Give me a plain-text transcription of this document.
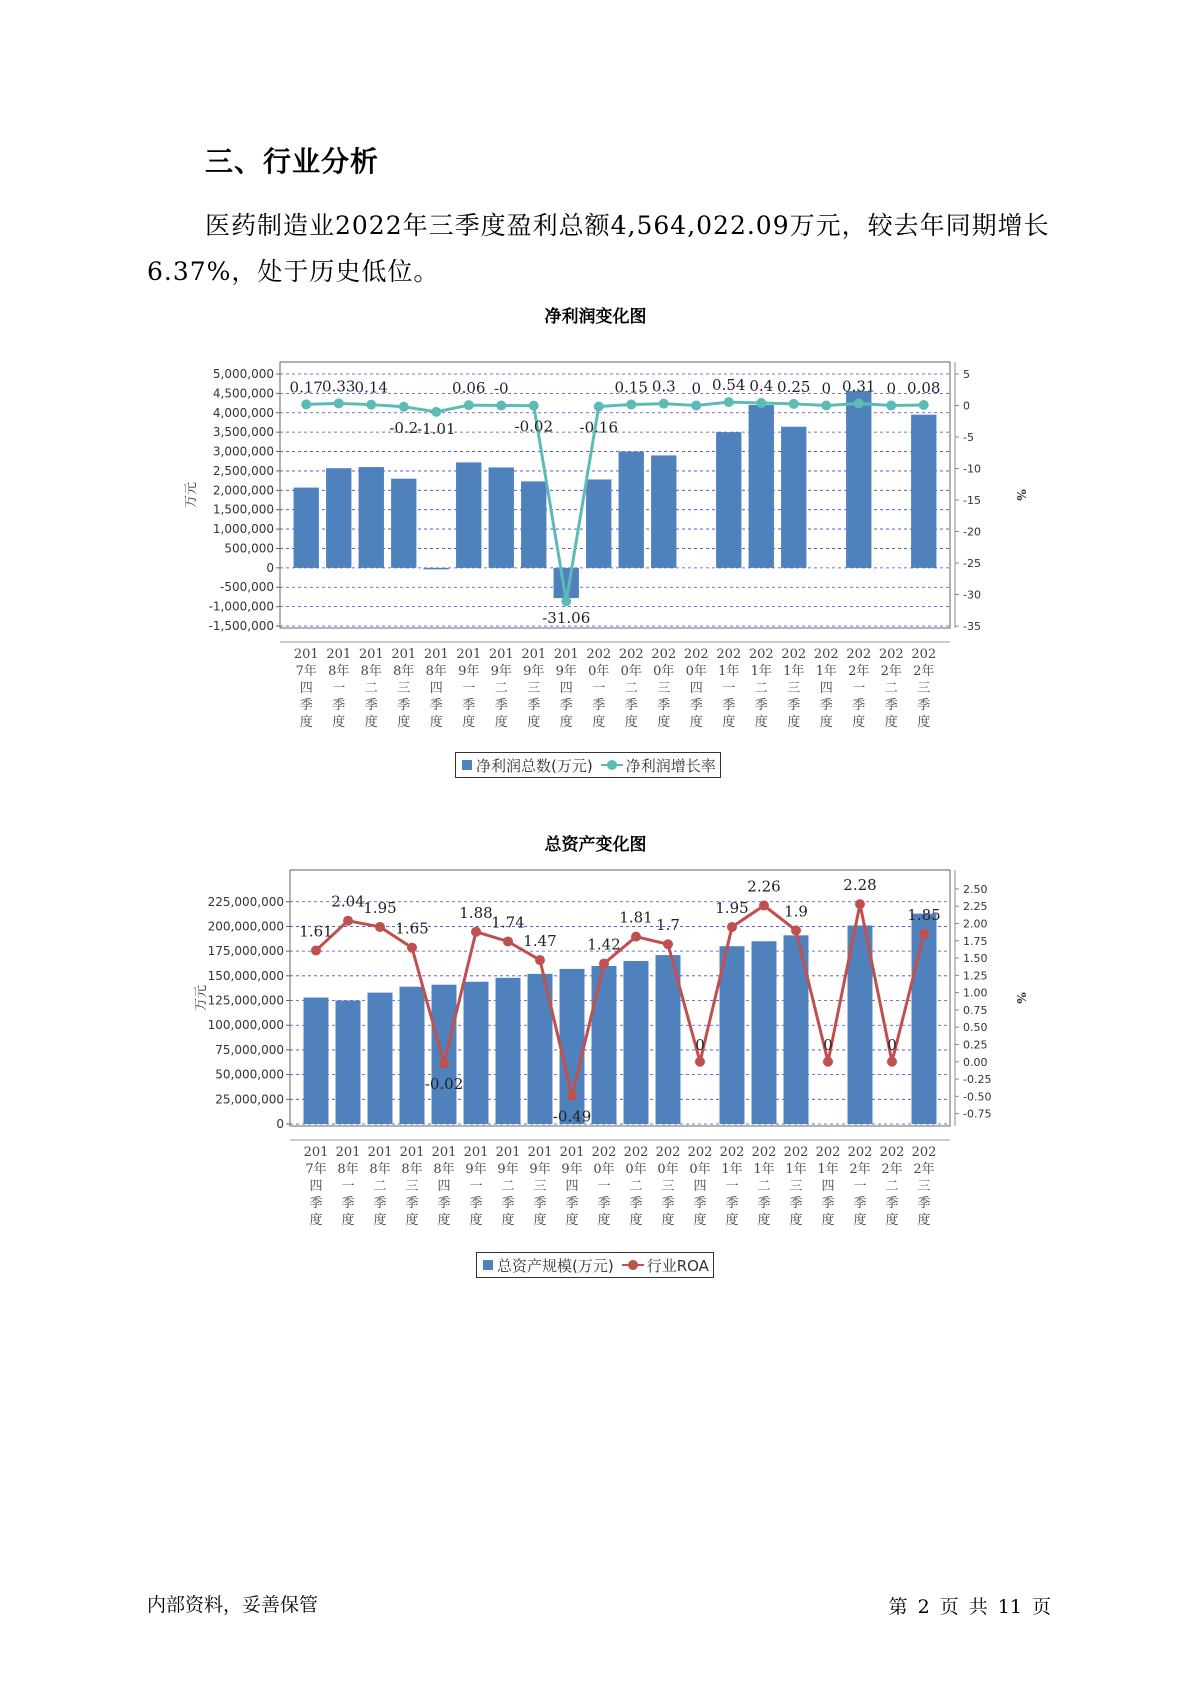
三、行业分析
医药制造业2022年三季度盈利总额4,564,022.09万元，较去年同期增长6.37%，处于历史低位。
净利润变化图
5,000,000
4,500,000
4,000,000
3,500,000
3,000,000
2,500,000
2,000,000
1,500,000
1,000,000
500,000
0
-500,000
-1,000,000
-1,500,000
5
0
-5
-10
-15
-20
-25
-30
-35
万元	%
201 7年四季度
201 8年一季度
201 8年二季度
201 8年三季度
201 8年四季度
201 9年一季度
201 9年二季度
201 9年三季度
201 9年四季度
202 0年一季度
202 0年二季度
202 0年三季度
202 0年四季度
202 1年一季度
202 1年二季度
202 1年三季度
202 1年四季度
202 2年一季度
202 2年二季度
202 2年三季度
0.17 0.33 0.14
-0.2
-1.01
0.06 -0
-0.02
-31.06
-0.16
0.15 0.3 0 0.54 0.4 0.25 0 0.31 0 0.08
净利润总数(万元) 净利润增长率
总资产变化图
225,000,000
200,000,000
175,000,000
150,000,000
125,000,000
100,000,000
75,000,000
50,000,000
25,000,000
0
2.50
2.25
2.00
1.75
1.50
1.25
1.00
0.75
0.50
0.25
0.00
-0.25
-0.50
-0.75
万元	%
201 7年四季度
201 8年一季度
201 8年二季度
201 8年三季度
201 8年四季度
201 9年一季度
201 9年二季度
201 9年三季度
201 9年四季度
202 0年一季度
202 0年二季度
202 0年三季度
202 0年四季度
202 1年一季度
202 1年二季度
202 1年三季度
202 1年四季度
202 2年一季度
202 2年二季度
202 2年三季度
1.61
2.04
1.95
1.65
-0.02
1.88
1.74
1.47
-0.49
1.42
1.81 1.7
0
1.95
2.26
1.9
0
2.28
0
1.85
总资产规模(万元) 行业ROA
内部资料，妥善保管	第 2 页 共 11 页
